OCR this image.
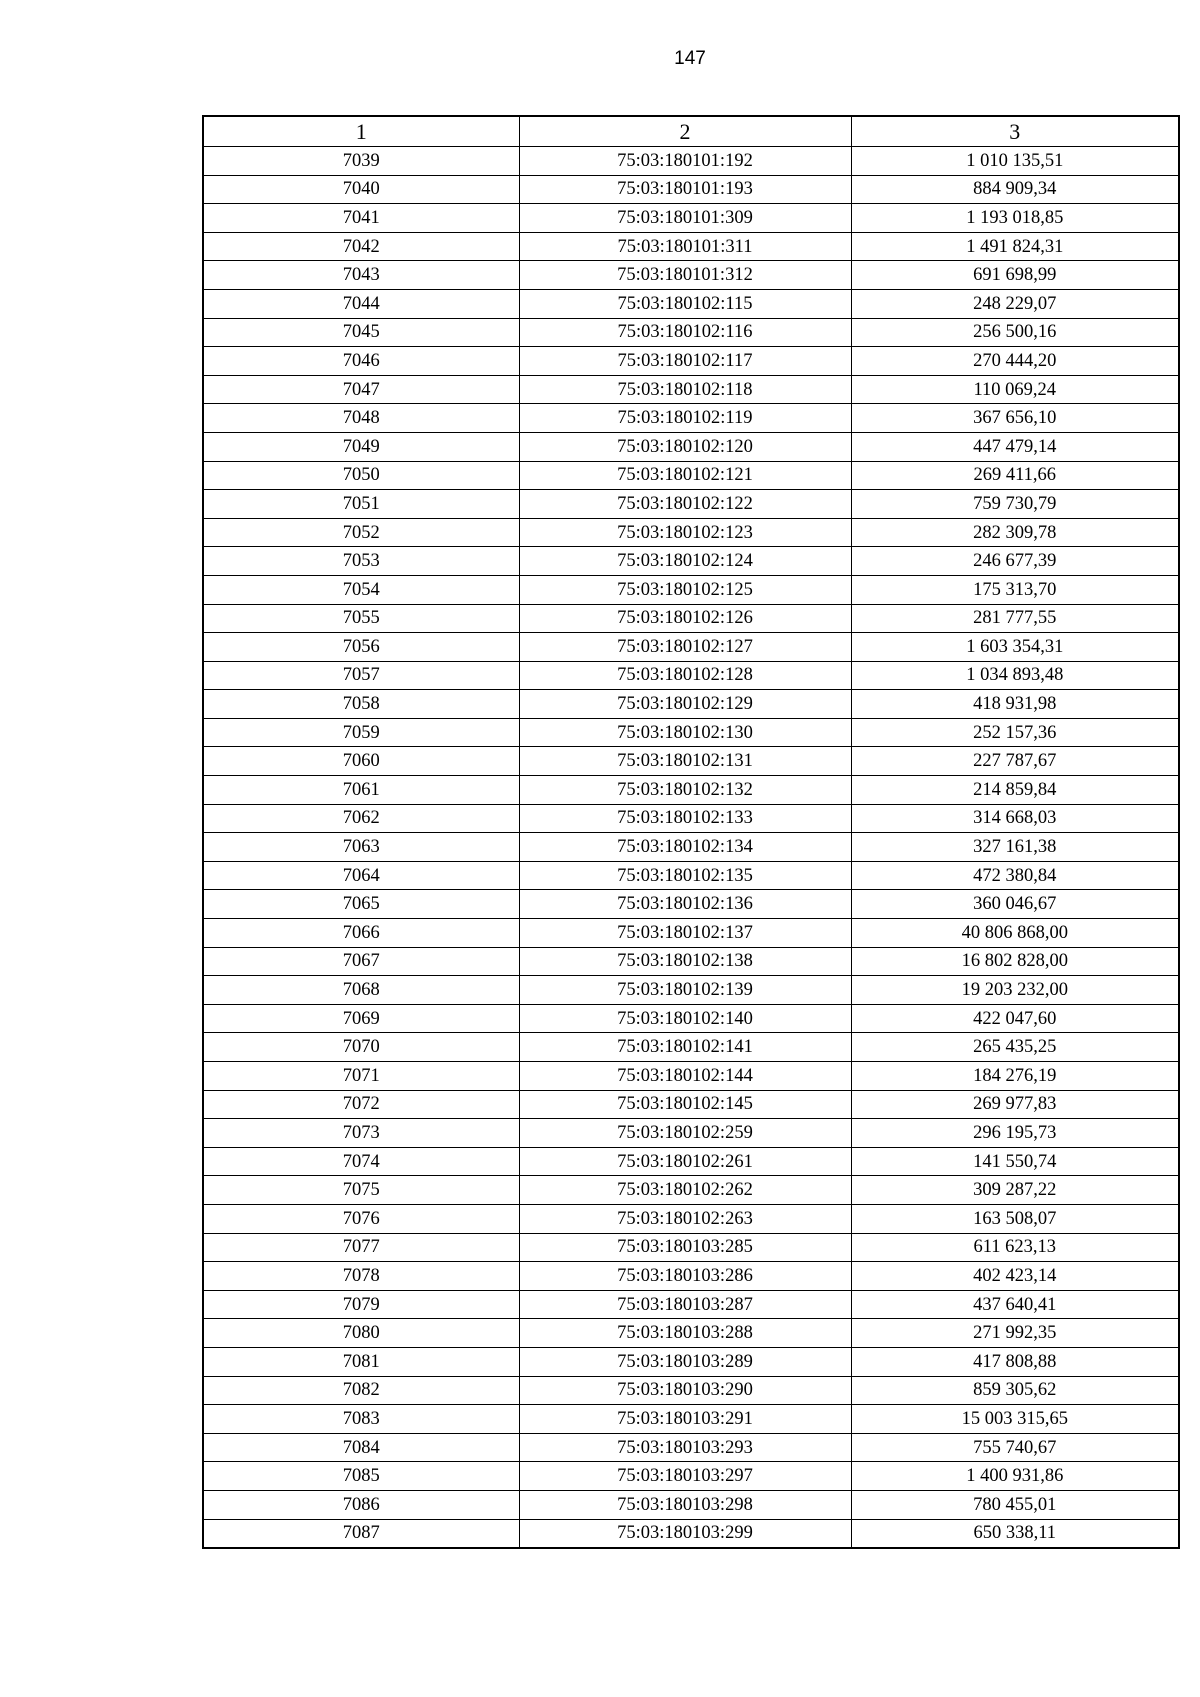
147
1	2	3
7039	75:03:180101:192	1 010 135,51
7040	75:03:180101:193	884 909,34
7041	75:03:180101:309	1 193 018,85
7042	75:03:180101:311	1 491 824,31
7043	75:03:180101:312	691 698,99
7044	75:03:180102:115	248 229,07
7045	75:03:180102:116	256 500,16
7046	75:03:180102:117	270 444,20
7047	75:03:180102:118	110 069,24
7048	75:03:180102:119	367 656,10
7049	75:03:180102:120	447 479,14
7050	75:03:180102:121	269 411,66
7051	75:03:180102:122	759 730,79
7052	75:03:180102:123	282 309,78
7053	75:03:180102:124	246 677,39
7054	75:03:180102:125	175 313,70
7055	75:03:180102:126	281 777,55
7056	75:03:180102:127	1 603 354,31
7057	75:03:180102:128	1 034 893,48
7058	75:03:180102:129	418 931,98
7059	75:03:180102:130	252 157,36
7060	75:03:180102:131	227 787,67
7061	75:03:180102:132	214 859,84
7062	75:03:180102:133	314 668,03
7063	75:03:180102:134	327 161,38
7064	75:03:180102:135	472 380,84
7065	75:03:180102:136	360 046,67
7066	75:03:180102:137	40 806 868,00
7067	75:03:180102:138	16 802 828,00
7068	75:03:180102:139	19 203 232,00
7069	75:03:180102:140	422 047,60
7070	75:03:180102:141	265 435,25
7071	75:03:180102:144	184 276,19
7072	75:03:180102:145	269 977,83
7073	75:03:180102:259	296 195,73
7074	75:03:180102:261	141 550,74
7075	75:03:180102:262	309 287,22
7076	75:03:180102:263	163 508,07
7077	75:03:180103:285	611 623,13
7078	75:03:180103:286	402 423,14
7079	75:03:180103:287	437 640,41
7080	75:03:180103:288	271 992,35
7081	75:03:180103:289	417 808,88
7082	75:03:180103:290	859 305,62
7083	75:03:180103:291	15 003 315,65
7084	75:03:180103:293	755 740,67
7085	75:03:180103:297	1 400 931,86
7086	75:03:180103:298	780 455,01
7087	75:03:180103:299	650 338,11
